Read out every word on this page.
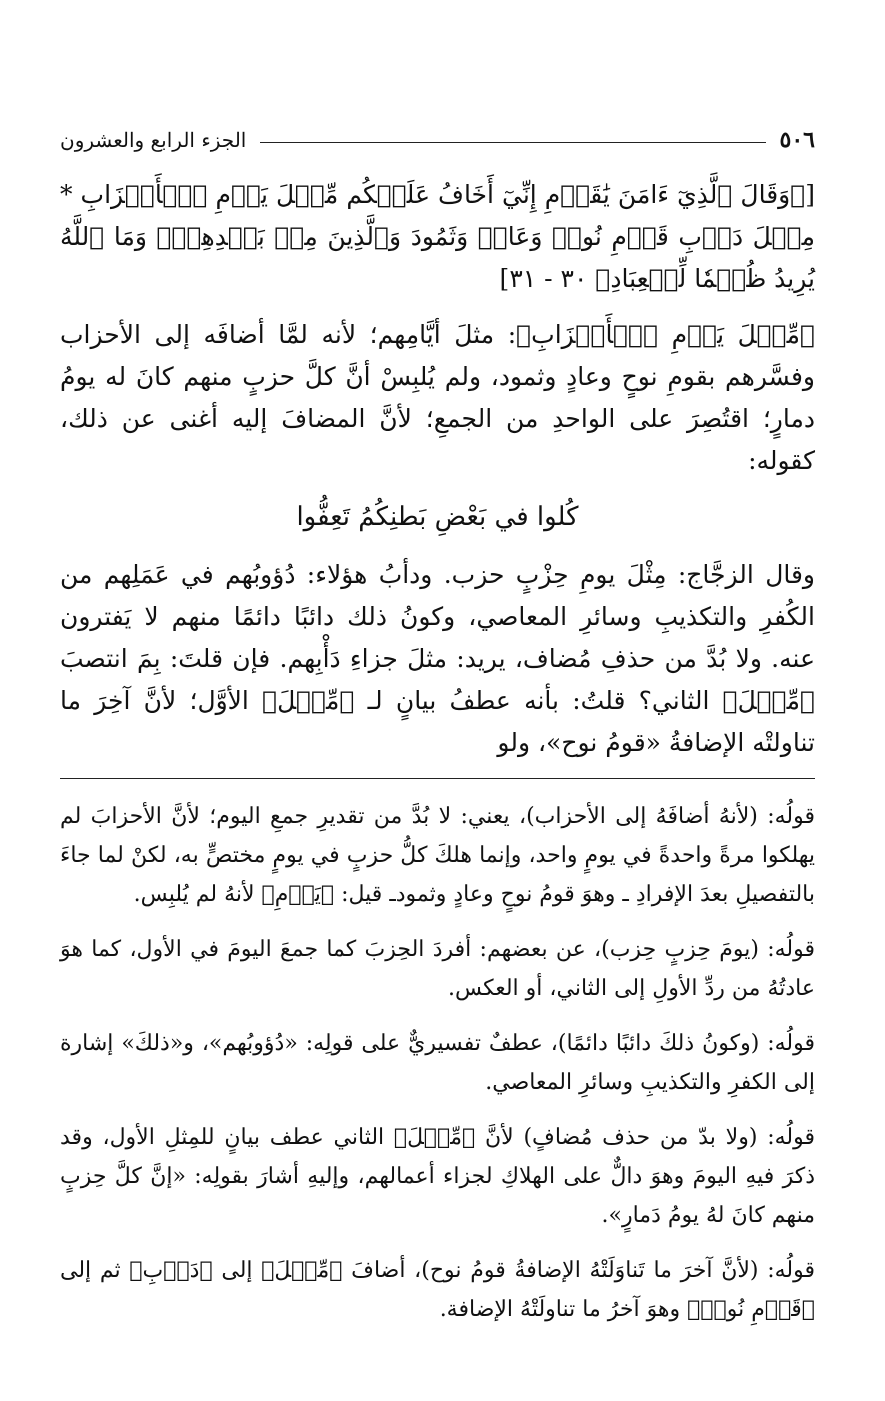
٥٠٦
الجزء الرابع والعشرون

[﴿وَقَالَ ٱلَّذِيٓ ءَامَنَ يَٰقَوۡمِ إِنِّيٓ أَخَافُ عَلَيۡكُم مِّثۡلَ يَوۡمِ ٱلۡأَحۡزَابِ * مِثۡلَ دَأۡبِ قَوۡمِ نُوحٖ وَعَادٖ وَثَمُودَ وَٱلَّذِينَ مِنۢ بَعۡدِهِمۡۚ وَمَا ٱللَّهُ يُرِيدُ ظُلۡمٗا لِّلۡعِبَادِ﴾ ٣٠ - ٣١]

﴿مِّثۡلَ يَوۡمِ ٱلۡأَحۡزَابِ﴾: مثلَ أيَّامِهم؛ لأنه لمَّا أضافَه إلى الأحزاب وفسَّرهم بقومِ نوحٍ وعادٍ وثمود، ولم يُلبِسْ أنَّ كلَّ حزبٍ منهم كانَ له يومُ دمارٍ؛ اقتُصِرَ على الواحدِ من الجمعِ؛ لأنَّ المضافَ إليه أغنى عن ذلك، كقوله:

كُلوا في بَعْضِ بَطنِكُمُ تَعِفُّوا

وقال الزجَّاج: مِثْلَ يومِ حِزْبٍ حزب. ودأبُ هؤلاء: دُؤوبُهم في عَمَلِهم من الكُفرِ والتكذيبِ وسائرِ المعاصي، وكونُ ذلك دائبًا دائمًا منهم لا يَفترون عنه. ولا بُدَّ من حذفِ مُضاف، يريد: مثلَ جزاءِ دَأْبِهم. فإن قلتَ: بِمَ انتصبَ ﴿مِّثۡلَ﴾ الثاني؟ قلتُ: بأنه عطفُ بيانٍ لـ ﴿مِّثۡلَ﴾ الأوَّل؛ لأنَّ آخِرَ ما تناولتْه الإضافةُ «قومُ نوح»، ولو

قولُه: (لأنهُ أضافَهُ إلى الأحزاب)، يعني: لا بُدَّ من تقديرِ جمعِ اليوم؛ لأنَّ الأحزابَ لم يهلكوا مرةً واحدةً في يومٍ واحد، وإنما هلكَ كلُّ حزبٍ في يومٍ مختصٍّ به، لكنْ لما جاءَ بالتفصيلِ بعدَ الإفرادِ ـ وهوَ قومُ نوحٍ وعادٍ وثمودـ قيل: ﴿يَوۡمِ﴾ لأنهُ لم يُلبِس.

قولُه: (يومَ حِزبٍ حِزب)، عن بعضهم: أفردَ الحِزبَ كما جمعَ اليومَ في الأول، كما هوَ عادتُهُ من ردِّ الأولِ إلى الثاني، أو العكس.

قولُه: (وكونُ ذلكَ دائبًا دائمًا)، عطفٌ تفسيريٌّ على قولِه: «دُؤوبُهم»، و«ذلكَ» إشارة إلى الكفرِ والتكذيبِ وسائرِ المعاصي.

قولُه: (ولا بدّ من حذف مُضافٍ) لأنَّ ﴿مِّثۡلَ﴾ الثاني عطف بيانٍ للمِثلِ الأول، وقد ذكرَ فيهِ اليومَ وهوَ دالٌّ على الهلاكِ لجزاء أعمالهم، وإليهِ أشارَ بقولِه: «إنَّ كلَّ حِزبٍ منهم كانَ لهُ يومُ دَمارٍ».

قولُه: (لأنَّ آخرَ ما تَناوَلَتْهُ الإضافةُ قومُ نوح)، أضافَ ﴿مِّثۡلَ﴾ إلى ﴿دَأۡبِ﴾ ثم إلى ﴿قَوۡمِ نُوحٖ﴾ وهوَ آخرُ ما تناولَتْهُ الإضافة.
